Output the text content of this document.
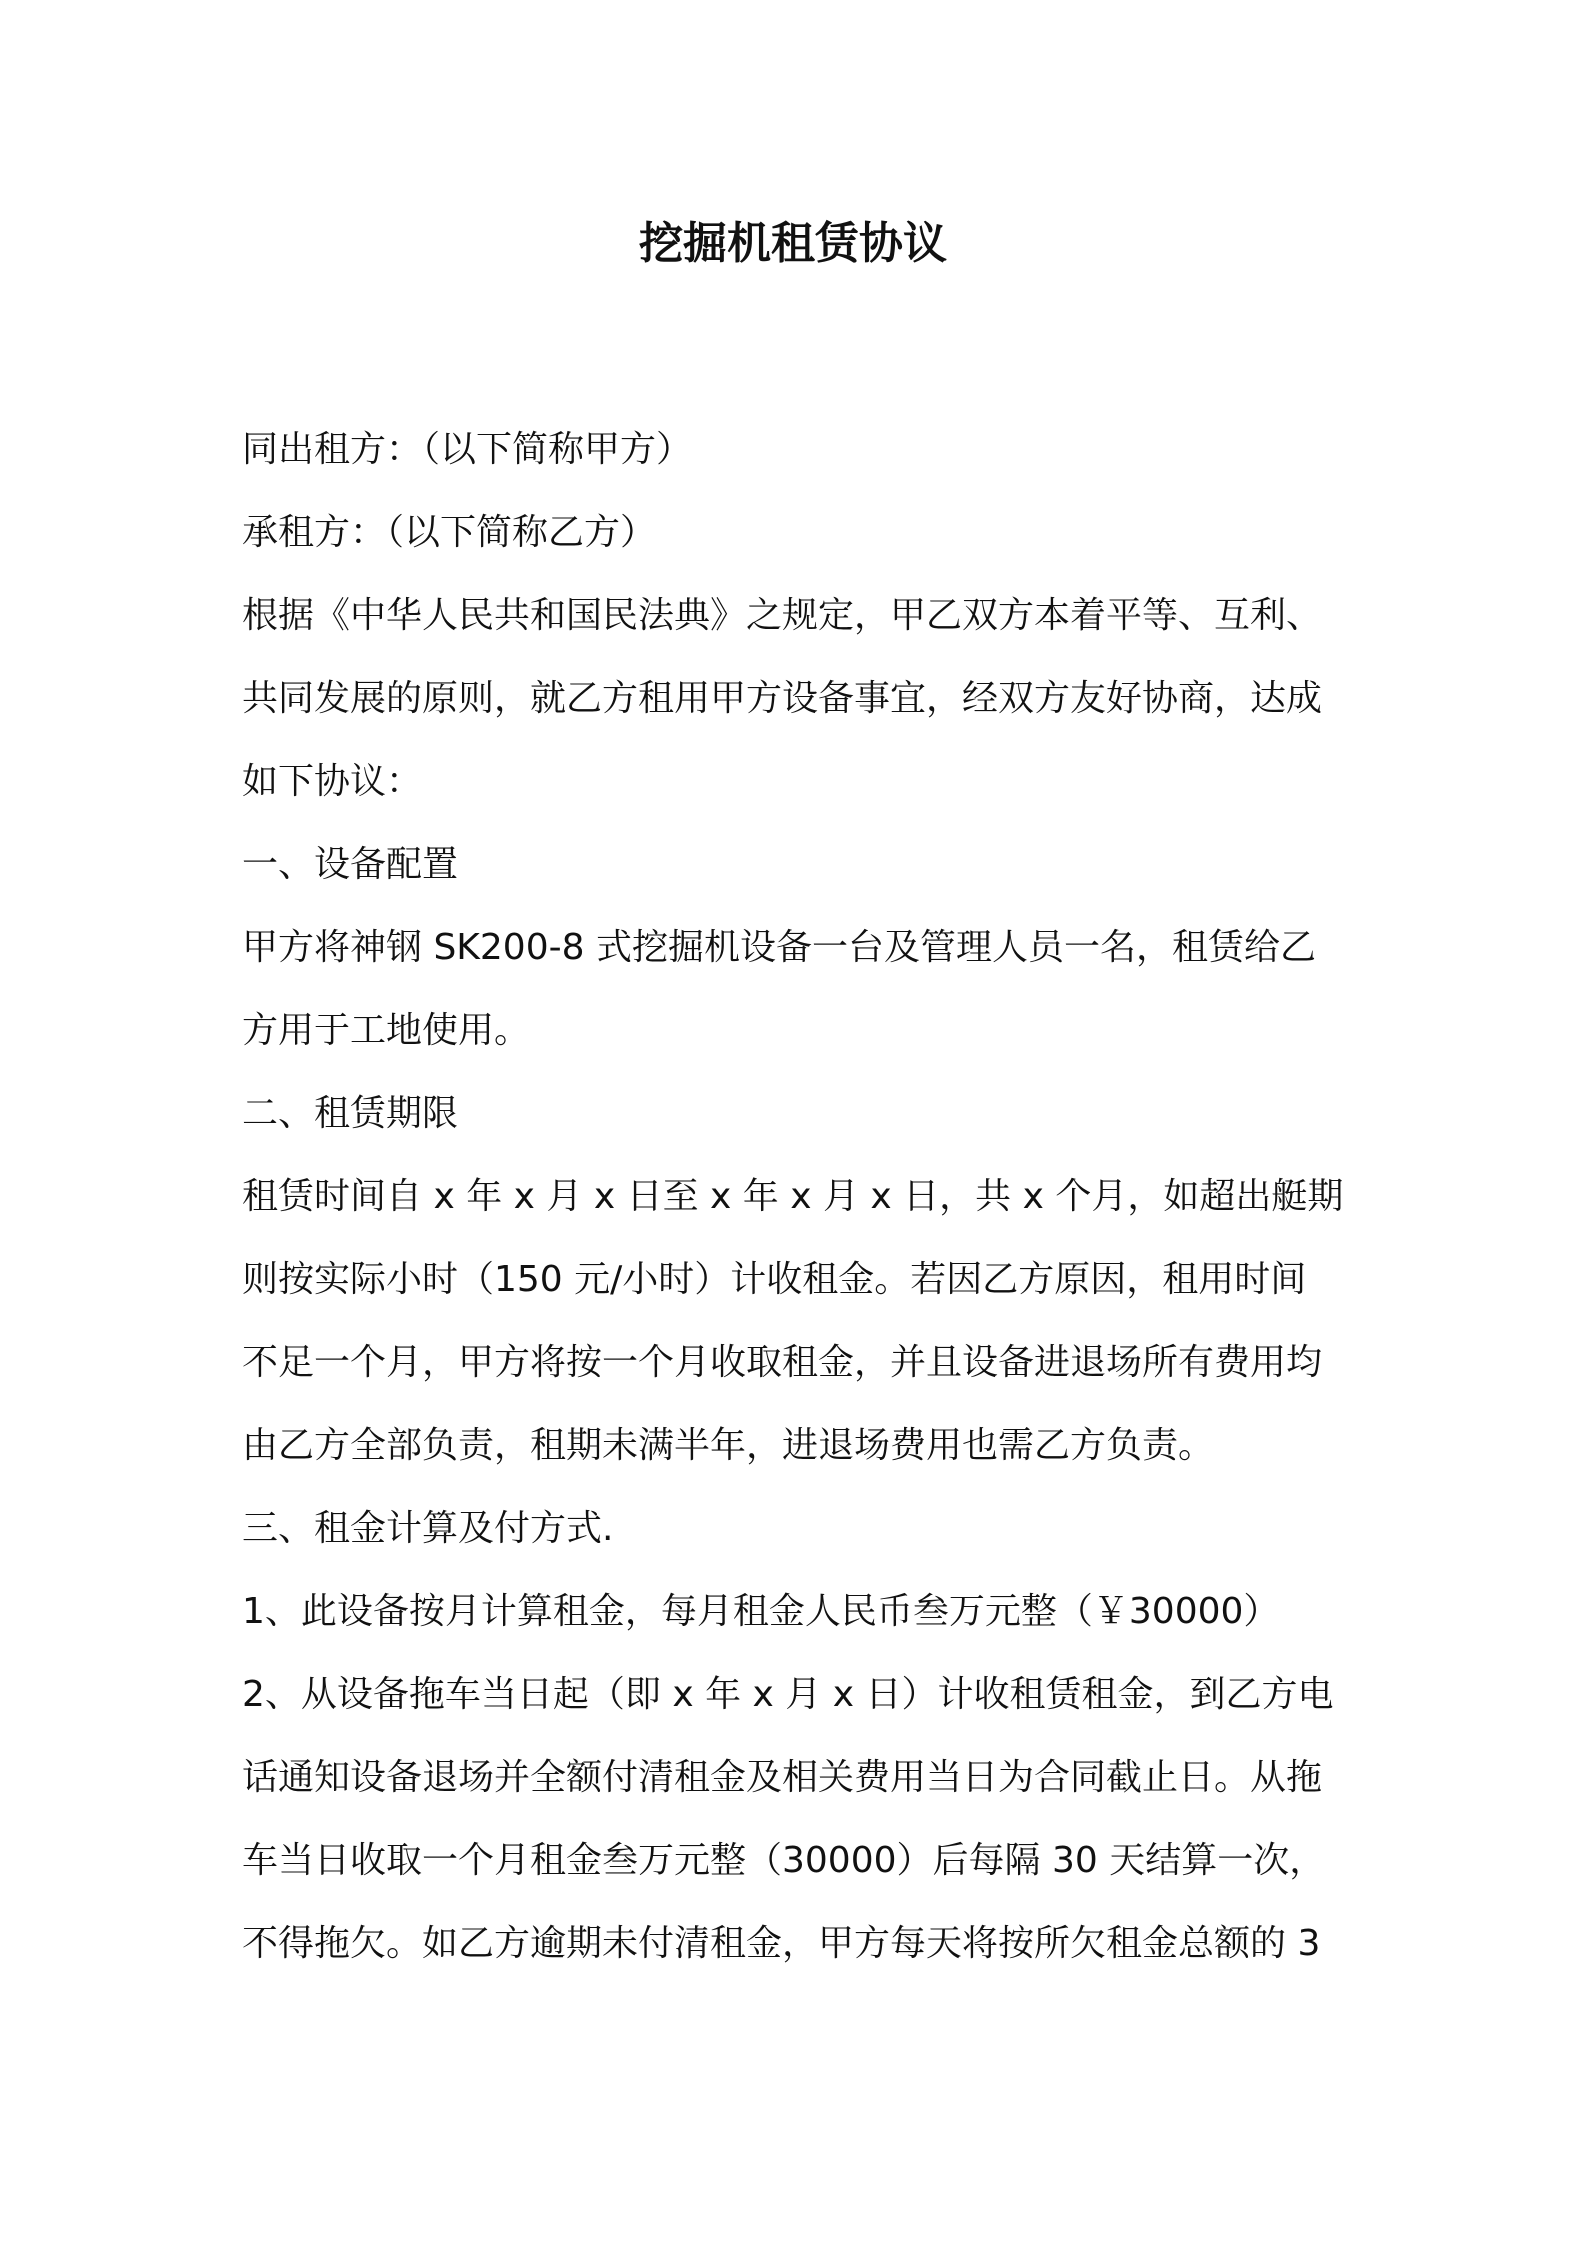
挖掘机租赁协议
同出租方：（以下简称甲方）
承租方：（以下简称乙方）
根据《中华人民共和国民法典》之规定，甲乙双方本着平等、互利、
共同发展的原则，就乙方租用甲方设备事宜，经双方友好协商，达成
如下协议：
一、设备配置
甲方将神钢 SK200-8 式挖掘机设备一台及管理人员一名，租赁给乙
方用于工地使用。
二、租赁期限
租赁时间自 x 年 x 月 x 日至 x 年 x 月 x 日，共 x 个月，如超出艇期
则按实际小时（150 元/小时）计收租金。若因乙方原因，租用时间
不足一个月，甲方将按一个月收取租金，并且设备进退场所有费用均
由乙方全部负责，租期未满半年，进退场费用也需乙方负责。
三、租金计算及付方式.
1、此设备按月计算租金，每月租金人民币叁万元整（￥30000）
2、从设备拖车当日起（即 x 年 x 月 x 日）计收租赁租金，到乙方电
话通知设备退场并全额付清租金及相关费用当日为合同截止日。从拖
车当日收取一个月租金叁万元整（30000）后每隔 30 天结算一次，
不得拖欠。如乙方逾期未付清租金，甲方每天将按所欠租金总额的 3
